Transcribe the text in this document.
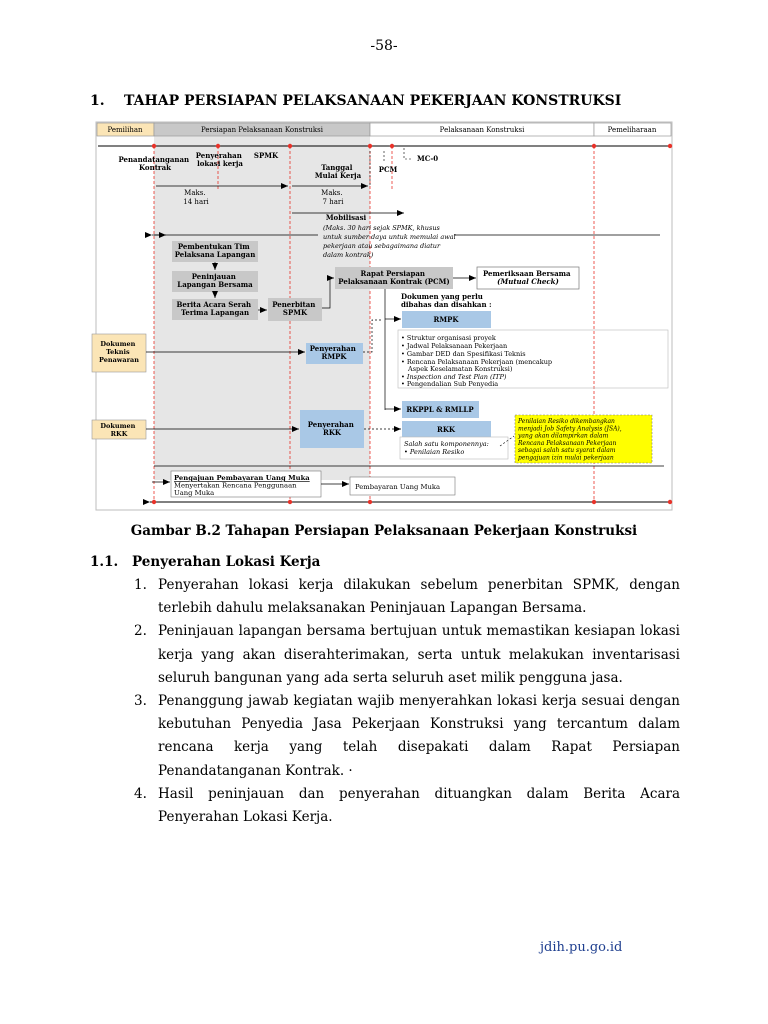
-58-
1. TAHAP PERSIAPAN PELAKSANAAN PEKERJAAN KONSTRUKSI
Pemilihan	Persiapan Pelaksanaan Konstruksi	Pelaksanaan Konstruksi	Pemeliharaan
Penandatanganan Kontrak
Penyerahan lokasi kerja
SPMK
Tanggal Mulai Kerja
PCM
MC-0
Maks. 14 hari
Maks. 7 hari
Mobilisasi
(Maks. 30 hari sejak SPMK, khusus untuk sumber daya untuk memulai awal pekerjaan atau sebagaimana diatur dalam kontrak)
Pembentukan Tim Pelaksana Lapangan
Peninjauan Lapangan Bersama
Berita Acara Serah Terima Lapangan
Penerbitan SPMK
Rapat Persiapan Pelaksanaan Kontrak (PCM)
Pemeriksaan Bersama (Mutual Check)
Dokumen yang perlu dibahas dan disahkan :
RMPK
• Struktur organisasi proyek
• Jadwal Pelaksanaan Pekerjaan
• Gambar DED dan Spesifikasi Teknis
• Rencana Pelaksanaan Pekerjaan (mencakup
Aspek Keselamatan Konstruksi)
• Inspection and Test Plan (ITP)
• Pengendalian Sub Penyedia
Dokumen Teknis Penawaran
Penyerahan RMPK
RKPPL & RMLLP
Dokumen RKK
Penyerahan RKK	RKK
Salah satu komponennya: • Penilaian Resiko
Penilaian Resiko dikembangkan menjadi Job Safety Analysis (JSA), yang akan dilampirkan dalam Rencana Pelaksanaan Pekerjaan sebagai salah satu syarat dalam pengajuan izin mulai pekerjaan
Pengajuan Pembayaran Uang Muka Menyertakan Rencana Penggunaan Uang Muka
Pembayaran Uang Muka
Gambar B.2 Tahapan Persiapan Pelaksanaan Pekerjaan Konstruksi
1.1. Penyerahan Lokasi Kerja
1. Penyerahan lokasi kerja dilakukan sebelum penerbitan SPMK, dengan terlebih dahulu melaksanakan Peninjauan Lapangan Bersama.
2. Peninjauan lapangan bersama bertujuan untuk memastikan kesiapan lokasi kerja yang akan diserahterimakan, serta untuk melakukan inventarisasi seluruh bangunan yang ada serta seluruh aset milik pengguna jasa.
3. Penanggung jawab kegiatan wajib menyerahkan lokasi kerja sesuai dengan kebutuhan Penyedia Jasa Pekerjaan Konstruksi yang tercantum dalam rencana kerja yang telah disepakati dalam Rapat Persiapan Penandatanganan Kontrak. ·
4. Hasil peninjauan dan penyerahan dituangkan dalam Berita Acara Penyerahan Lokasi Kerja.
jdih.pu.go.id
